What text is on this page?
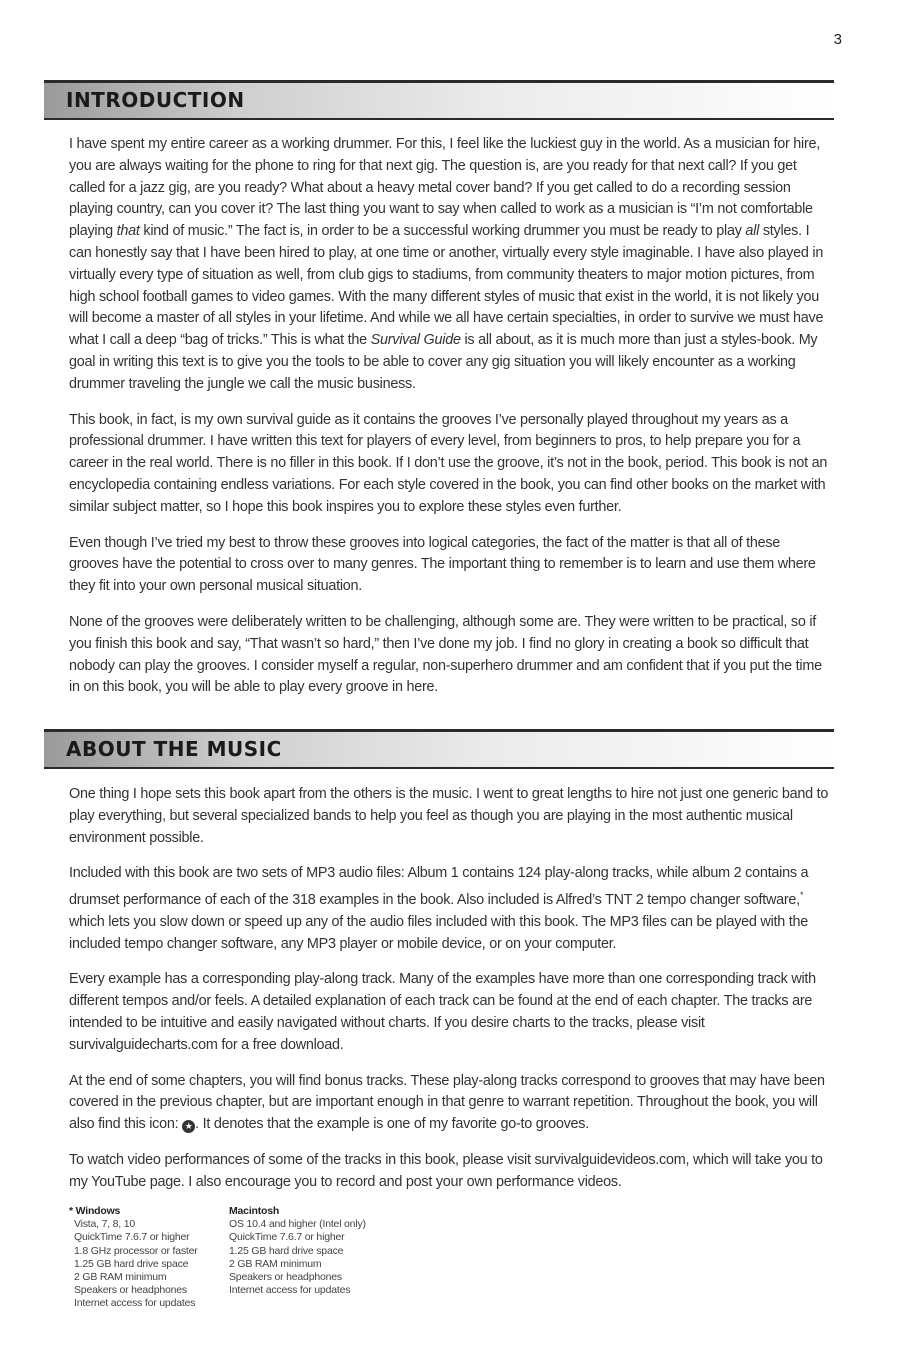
3
INTRODUCTION

I have spent my entire career as a working drummer. For this, I feel like the luckiest guy in the world. As a musician for hire, you are always waiting for the phone to ring for that next gig. The question is, are you ready for that next call? If you get called for a jazz gig, are you ready? What about a heavy metal cover band? If you get called to do a recording session playing country, can you cover it? The last thing you want to say when called to work as a musician is “I’m not comfortable playing that kind of music.” The fact is, in order to be a successful working drummer you must be ready to play all styles. I can honestly say that I have been hired to play, at one time or another, virtually every style imaginable. I have also played in virtually every type of situation as well, from club gigs to stadiums, from community theaters to major motion pictures, from high school football games to video games. With the many different styles of music that exist in the world, it is not likely you will become a master of all styles in your lifetime. And while we all have certain specialties, in order to survive we must have what I call a deep “bag of tricks.” This is what the Survival Guide is all about, as it is much more than just a styles-book. My goal in writing this text is to give you the tools to be able to cover any gig situation you will likely encounter as a working drummer traveling the jungle we call the music business.

This book, in fact, is my own survival guide as it contains the grooves I’ve personally played throughout my years as a professional drummer. I have written this text for players of every level, from beginners to pros, to help prepare you for a career in the real world. There is no filler in this book. If I don’t use the groove, it’s not in the book, period. This book is not an encyclopedia containing endless variations. For each style covered in the book, you can find other books on the market with similar subject matter, so I hope this book inspires you to explore these styles even further.

Even though I’ve tried my best to throw these grooves into logical categories, the fact of the matter is that all of these grooves have the potential to cross over to many genres. The important thing to remember is to learn and use them where they fit into your own personal musical situation.

None of the grooves were deliberately written to be challenging, although some are. They were written to be practical, so if you finish this book and say, “That wasn’t so hard,” then I’ve done my job. I find no glory in creating a book so difficult that nobody can play the grooves. I consider myself a regular, non-superhero drummer and am confident that if you put the time in on this book, you will be able to play every groove in here.

ABOUT THE MUSIC

One thing I hope sets this book apart from the others is the music. I went to great lengths to hire not just one generic band to play everything, but several specialized bands to help you feel as though you are playing in the most authentic musical environment possible.

Included with this book are two sets of MP3 audio files: Album 1 contains 124 play-along tracks, while album 2 contains a drumset performance of each of the 318 examples in the book. Also included is Alfred’s TNT 2 tempo changer software,* which lets you slow down or speed up any of the audio files included with this book. The MP3 files can be played with the included tempo changer software, any MP3 player or mobile device, or on your computer.

Every example has a corresponding play-along track. Many of the examples have more than one corresponding track with different tempos and/or feels. A detailed explanation of each track can be found at the end of each chapter. The tracks are intended to be intuitive and easily navigated without charts. If you desire charts to the tracks, please visit survivalguidecharts.com for a free download.

At the end of some chapters, you will find bonus tracks. These play-along tracks correspond to grooves that may have been covered in the previous chapter, but are important enough in that genre to warrant repetition. Throughout the book, you will also find this icon: ★ . It denotes that the example is one of my favorite go-to grooves.

To watch video performances of some of the tracks in this book, please visit survivalguidevideos.com, which will take you to my YouTube page. I also encourage you to record and post your own performance videos.

* Windows
Vista, 7, 8, 10
QuickTime 7.6.7 or higher
1.8 GHz processor or faster
1.25 GB hard drive space
2 GB RAM minimum
Speakers or headphones
Internet access for updates
Macintosh
OS 10.4 and higher (Intel only)
QuickTime 7.6.7 or higher
1.25 GB hard drive space
2 GB RAM minimum
Speakers or headphones
Internet access for updates
